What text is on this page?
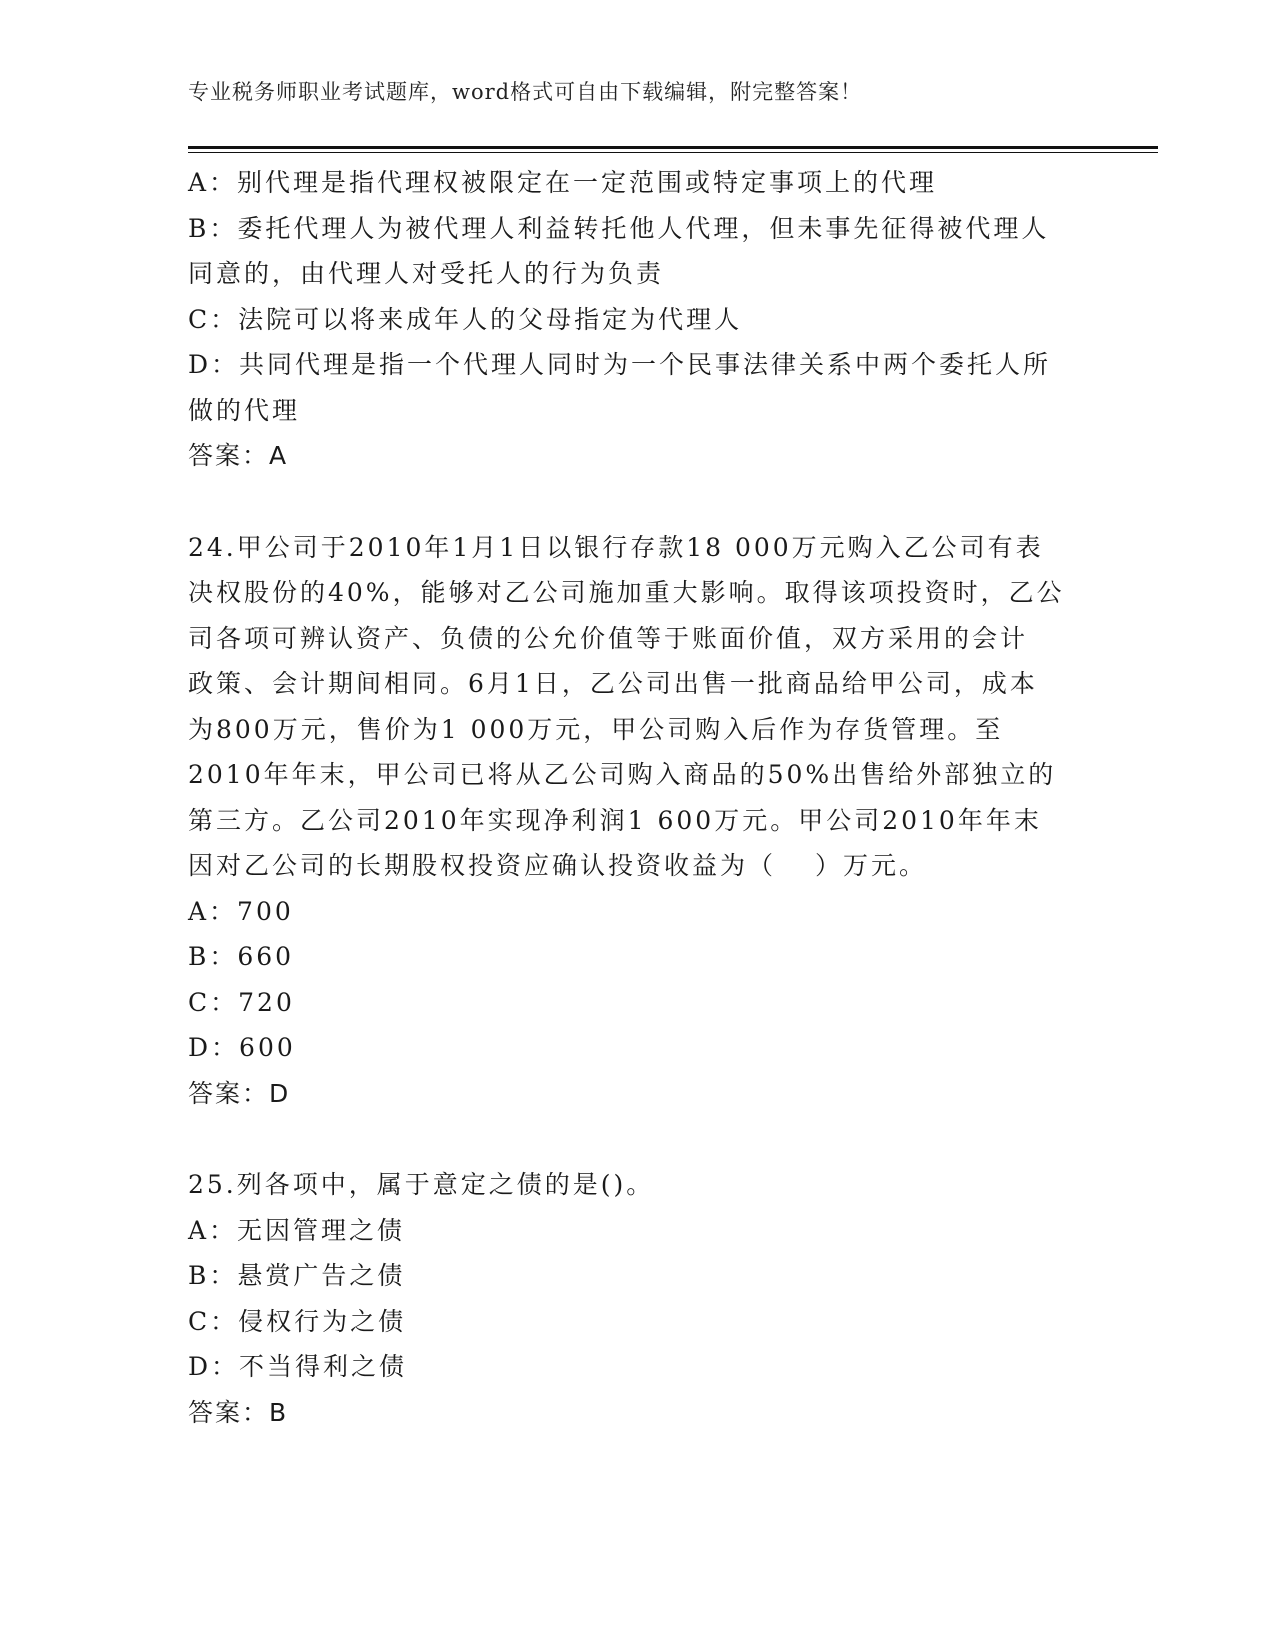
专业税务师职业考试题库，word格式可自由下载编辑，附完整答案！
A：别代理是指代理权被限定在一定范围或特定事项上的代理
B：委托代理人为被代理人利益转托他人代理，但未事先征得被代理人
同意的，由代理人对受托人的行为负责
C：法院可以将来成年人的父母指定为代理人
D：共同代理是指一个代理人同时为一个民事法律关系中两个委托人所
做的代理
答案：A
24.甲公司于2010年1月1日以银行存款18 000万元购入乙公司有表
决权股份的40%，能够对乙公司施加重大影响。取得该项投资时，乙公
司各项可辨认资产、负债的公允价值等于账面价值，双方采用的会计
政策、会计期间相同。6月1日，乙公司出售一批商品给甲公司，成本
为800万元，售价为1 000万元，甲公司购入后作为存货管理。至
2010年年末，甲公司已将从乙公司购入商品的50%出售给外部独立的
第三方。乙公司2010年实现净利润1 600万元。甲公司2010年年末
因对乙公司的长期股权投资应确认投资收益为（　 ）万元。
A：700
B：660
C：720
D：600
答案：D
25.列各项中，属于意定之债的是()。
A：无因管理之债
B：悬赏广告之债
C：侵权行为之债
D：不当得利之债
答案：B
